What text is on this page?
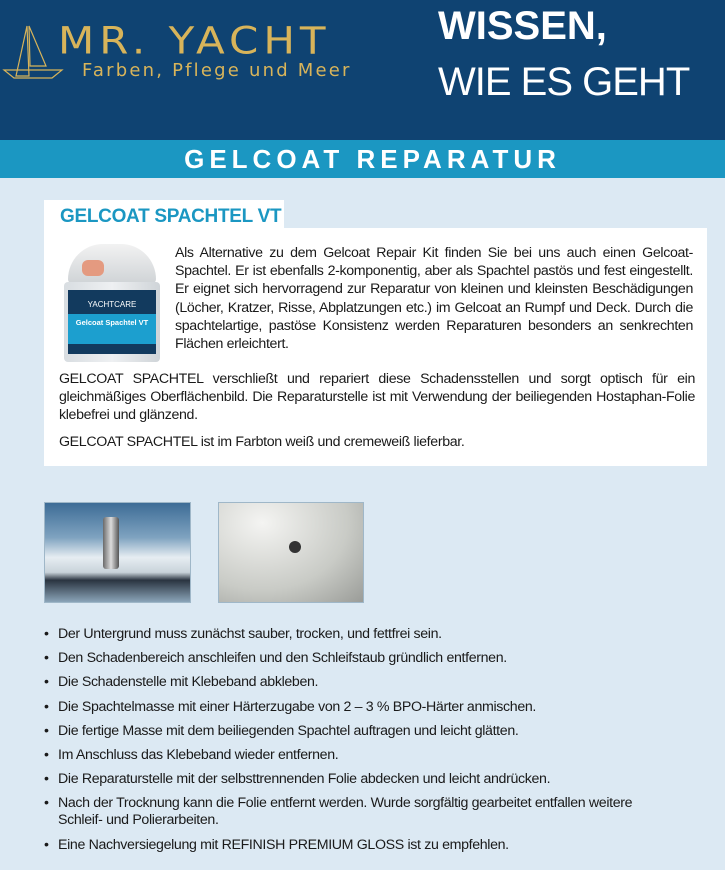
MR. YACHT
Farben, Pflege und Meer
WISSEN,
WIE ES GEHT
GELCOAT REPARATUR
GELCOAT SPACHTEL VT
YACHTCARE
Gelcoat Spachtel VT

Als Alternative zu dem Gelcoat Repair Kit finden Sie bei uns auch einen Gelcoat-Spachtel. Er ist ebenfalls 2-komponentig, aber als Spachtel pastös und fest eingestellt. Er eignet sich hervorragend zur Reparatur von kleinen und kleinsten Beschädigungen (Löcher, Kratzer, Risse, Abplatzungen etc.) im Gelcoat an Rumpf und Deck. Durch die spachtelartige, pastöse Konsistenz werden Reparaturen besonders an senkrechten Flächen erleichtert.

GELCOAT SPACHTEL verschließt und repariert diese Schadensstellen und sorgt optisch für ein gleichmäßiges Oberflächenbild. Die Reparaturstelle ist mit Verwendung der beiliegenden Hostaphan-Folie klebefrei und glänzend.

GELCOAT SPACHTEL ist im Farbton weiß und cremeweiß lieferbar.

• Der Untergrund muss zunächst sauber, trocken, und fettfrei sein.
• Den Schadenbereich anschleifen und den Schleifstaub gründlich entfernen.
• Die Schadenstelle mit Klebeband abkleben.
• Die Spachtelmasse mit einer Härterzugabe von 2 – 3 % BPO-Härter anmischen.
• Die fertige Masse mit dem beiliegenden Spachtel auftragen und leicht glätten.
• Im Anschluss das Klebeband wieder entfernen.
• Die Reparaturstelle mit der selbsttrennenden Folie abdecken und leicht andrücken.
• Nach der Trocknung kann die Folie entfernt werden. Wurde sorgfältig gearbeitet entfallen weitere Schleif- und Polierarbeiten.
• Eine Nachversiegelung mit REFINISH PREMIUM GLOSS ist zu empfehlen.
